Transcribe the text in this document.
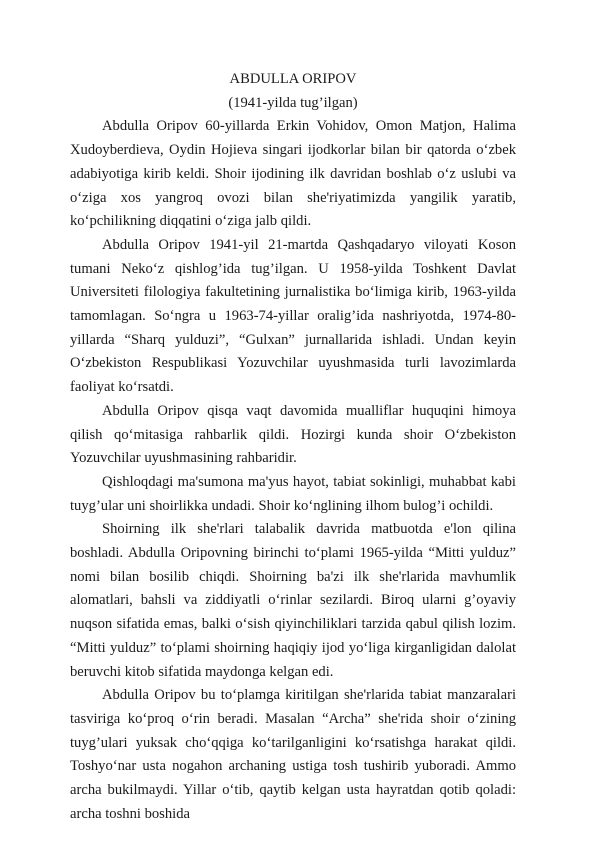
ABDULLA ORIPOV

(1941-yilda tug’ilgan)

Abdulla Oripov 60-yillarda Erkin Vohidov, Omon Matjon, Halima Xudoyberdieva, Oydin Hojieva singari ijodkorlar bilan bir qatorda o‘zbek adabiyotiga kirib keldi. Shoir ijodining ilk davridan boshlab o‘z uslubi va o‘ziga xos yangroq ovozi bilan she'riyatimizda yangilik yaratib, ko‘pchilikning diqqatini o‘ziga jalb qildi.

Abdulla Oripov 1941-yil 21-martda Qashqadaryo viloyati Koson tumani Neko‘z qishlog’ida tug’ilgan. U 1958-yilda Toshkent Davlat Universiteti filologiya fakultetining jurnalistika bo‘limiga kirib, 1963-yilda tamomlagan. So‘ngra u 1963-74-yillar oralig’ida nashriyotda, 1974-80-yillarda “Sharq yulduzi”, “Gulxan” jurnallarida ishladi. Undan keyin O‘zbekiston Respublikasi Yozuvchilar uyushmasida turli lavozimlarda faoliyat ko‘rsatdi.

Abdulla Oripov qisqa vaqt davomida mualliflar huquqini himoya qilish qo‘mitasiga rahbarlik qildi. Hozirgi kunda shoir O‘zbekiston Yozuvchilar uyushmasining rahbaridir.

Qishloqdagi ma'sumona ma'yus hayot, tabiat sokinligi, muhabbat kabi tuyg’ular uni shoirlikka undadi. Shoir ko‘nglining ilhom bulog’i ochildi.

Shoirning ilk she'rlari talabalik davrida matbuotda e'lon qilina boshladi. Abdulla Oripovning birinchi to‘plami 1965-yilda “Mitti yulduz” nomi bilan bosilib chiqdi. Shoirning ba'zi ilk she'rlarida mavhumlik alomatlari, bahsli va ziddiyatli o‘rinlar sezilardi. Biroq ularni g’oyaviy nuqson sifatida emas, balki o‘sish qiyinchiliklari tarzida qabul qilish lozim. “Mitti yulduz” to‘plami shoirning haqiqiy ijod yo‘liga kirganligidan dalolat beruvchi kitob sifatida maydonga kelgan edi.

Abdulla Oripov bu to‘plamga kiritilgan she'rlarida tabiat manzaralari tasviriga ko‘proq o‘rin beradi. Masalan “Archa” she'rida shoir o‘zining tuyg’ulari yuksak cho‘qqiga ko‘tarilganligini ko‘rsatishga harakat qildi. Toshyo‘nar usta nogahon archaning ustiga tosh tushirib yuboradi. Ammo archa bukilmaydi. Yillar o‘tib, qaytib kelgan usta hayratdan qotib qoladi: archa toshni boshida
